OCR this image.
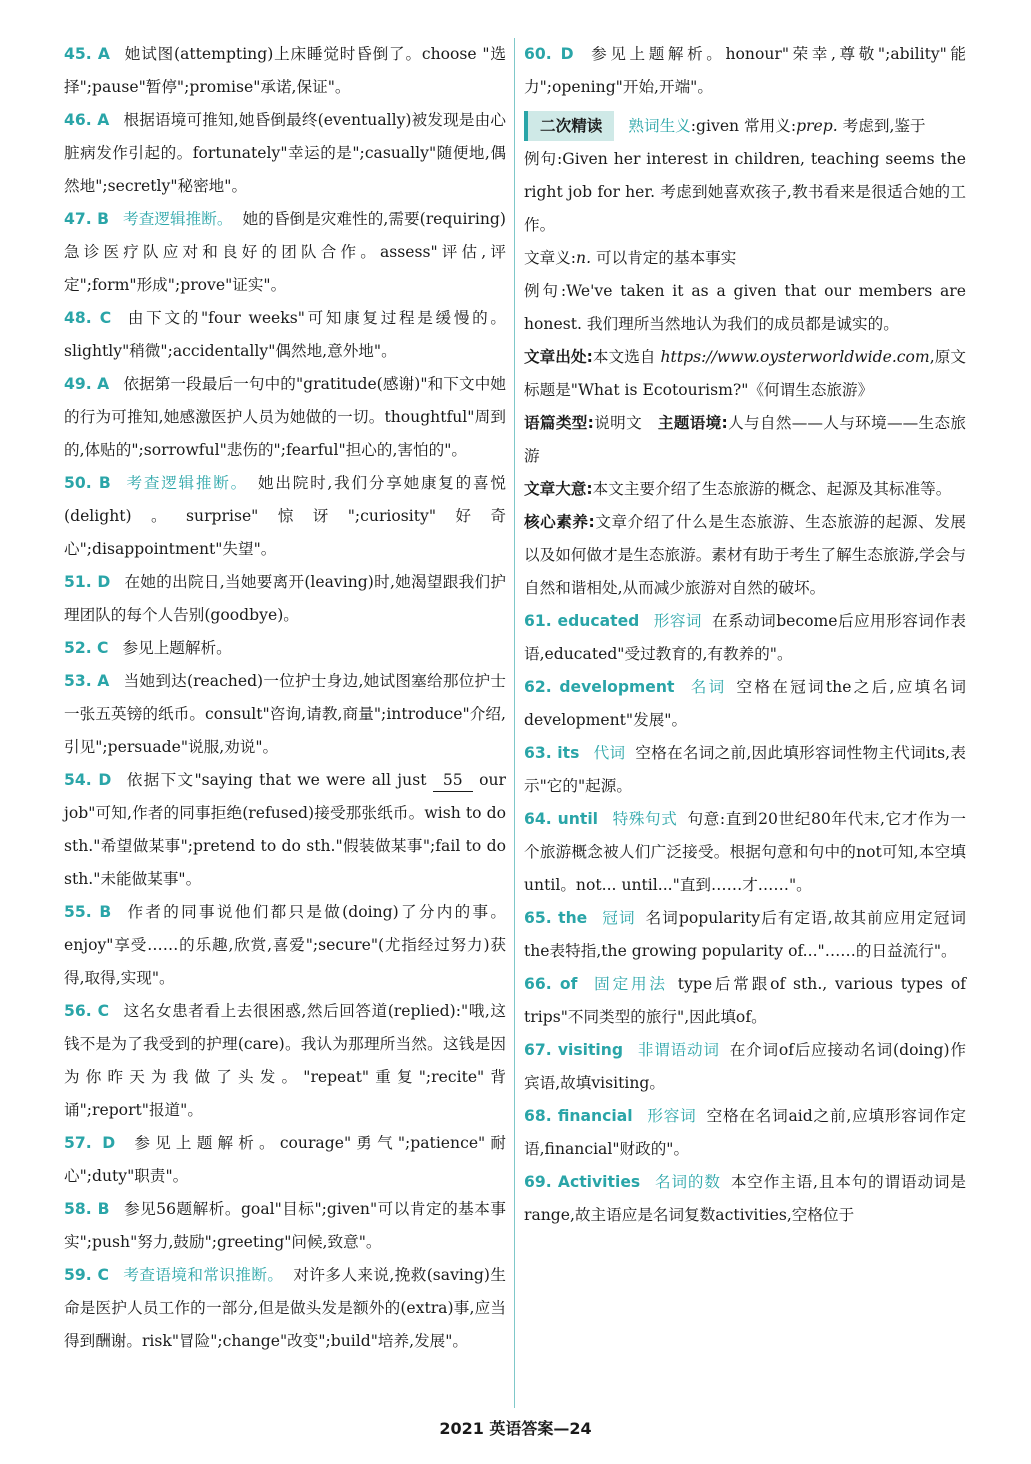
45. A 她试图(attempting)上床睡觉时昏倒了。choose "选择";pause"暂停";promise"承诺,保证"。

46. A 根据语境可推知,她昏倒最终(eventually)被发现是由心脏病发作引起的。fortunately"幸运的是";casually"随便地,偶然地";secretly"秘密地"。

47. B 考查逻辑推断。 她的昏倒是灾难性的,需要(requiring)急诊医疗队应对和良好的团队合作。assess"评估,评定";form"形成";prove"证实"。

48. C 由下文的"four weeks"可知康复过程是缓慢的。slightly"稍微";accidentally"偶然地,意外地"。

49. A 依据第一段最后一句中的"gratitude(感谢)"和下文中她的行为可推知,她感激医护人员为她做的一切。thoughtful"周到的,体贴的";sorrowful"悲伤的";fearful"担心的,害怕的"。

50. B 考查逻辑推断。 她出院时,我们分享她康复的喜悦(delight)。surprise"惊讶";curiosity"好奇心";disappointment"失望"。

51. D 在她的出院日,当她要离开(leaving)时,她渴望跟我们护理团队的每个人告别(goodbye)。

52. C 参见上题解析。

53. A 当她到达(reached)一位护士身边,她试图塞给那位护士一张五英镑的纸币。consult"咨询,请教,商量";introduce"介绍,引见";persuade"说服,劝说"。

54. D 依据下文"saying that we were all just 55 our job"可知,作者的同事拒绝(refused)接受那张纸币。wish to do sth."希望做某事";pretend to do sth."假装做某事";fail to do sth."未能做某事"。

55. B 作者的同事说他们都只是做(doing)了分内的事。enjoy"享受……的乐趣,欣赏,喜爱";secure"(尤指经过努力)获得,取得,实现"。

56. C 这名女患者看上去很困惑,然后回答道(replied):"哦,这钱不是为了我受到的护理(care)。我认为那理所当然。这钱是因为你昨天为我做了头发。"repeat"重复";recite"背诵";report"报道"。

57. D 参见上题解析。courage"勇气";patience"耐心";duty"职责"。

58. B 参见56题解析。goal"目标";given"可以肯定的基本事实";push"努力,鼓励";greeting"问候,致意"。

59. C 考查语境和常识推断。 对许多人来说,挽救(saving)生命是医护人员工作的一部分,但是做头发是额外的(extra)事,应当得到酬谢。risk"冒险";change"改变";build"培养,发展"。

60. D 参见上题解析。honour"荣幸,尊敬";ability"能力";opening"开始,开端"。

二次精读 熟词生义:given 常用义:prep. 考虑到,鉴于

例句:Given her interest in children, teaching seems the right job for her. 考虑到她喜欢孩子,教书看来是很适合她的工作。

文章义:n. 可以肯定的基本事实

例句:We've taken it as a given that our members are honest. 我们理所当然地认为我们的成员都是诚实的。

文章出处:本文选自 https://www.oysterworldwide.com,原文标题是"What is Ecotourism?"《何谓生态旅游》

语篇类型:说明文 主题语境:人与自然——人与环境——生态旅游

文章大意:本文主要介绍了生态旅游的概念、起源及其标准等。

核心素养:文章介绍了什么是生态旅游、生态旅游的起源、发展以及如何做才是生态旅游。素材有助于考生了解生态旅游,学会与自然和谐相处,从而减少旅游对自然的破坏。

61. educated 形容词 在系动词become后应用形容词作表语,educated"受过教育的,有教养的"。

62. development 名词 空格在冠词the之后,应填名词development"发展"。

63. its 代词 空格在名词之前,因此填形容词性物主代词its,表示"它的"起源。

64. until 特殊句式 句意:直到20世纪80年代末,它才作为一个旅游概念被人们广泛接受。根据句意和句中的not可知,本空填until。not... until..."直到……才……"。

65. the 冠词 名词popularity后有定语,故其前应用定冠词the表特指,the growing popularity of..."……的日益流行"。

66. of 固定用法 type后常跟of sth., various types of trips"不同类型的旅行",因此填of。

67. visiting 非谓语动词 在介词of后应接动名词(doing)作宾语,故填visiting。

68. financial 形容词 空格在名词aid之前,应填形容词作定语,financial"财政的"。

69. Activities 名词的数 本空作主语,且本句的谓语动词是range,故主语应是名词复数activities,空格位于

2021 英语答案—24
